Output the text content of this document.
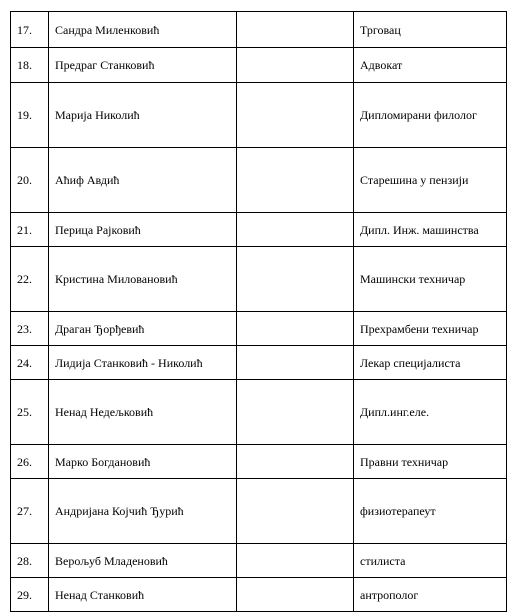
17.	Сандра Миленковић		Трговац
18.	Предраг Станковић		Адвокат
19.	Марија Николић		Дипломирани филолог
20.	Аћиф Авдић		Старешина у пензији
21.	Перица Рајковић		Дипл. Инж. машинства
22.	Кристина Миловановић		Машински техничар
23.	Драган Ђорђевић		Прехрамбени техничар
24.	Лидија Станковић - Николић		Лекар специјалиста
25.	Ненад Недељковић		Дипл.инг.еле.
26.	Марко Богдановић		Правни техничар
27.	Андријана Којчић Ђурић		физиотерапеут
28.	Верољуб Младеновић		стилиста
29.	Ненад Станковић		антрополог
